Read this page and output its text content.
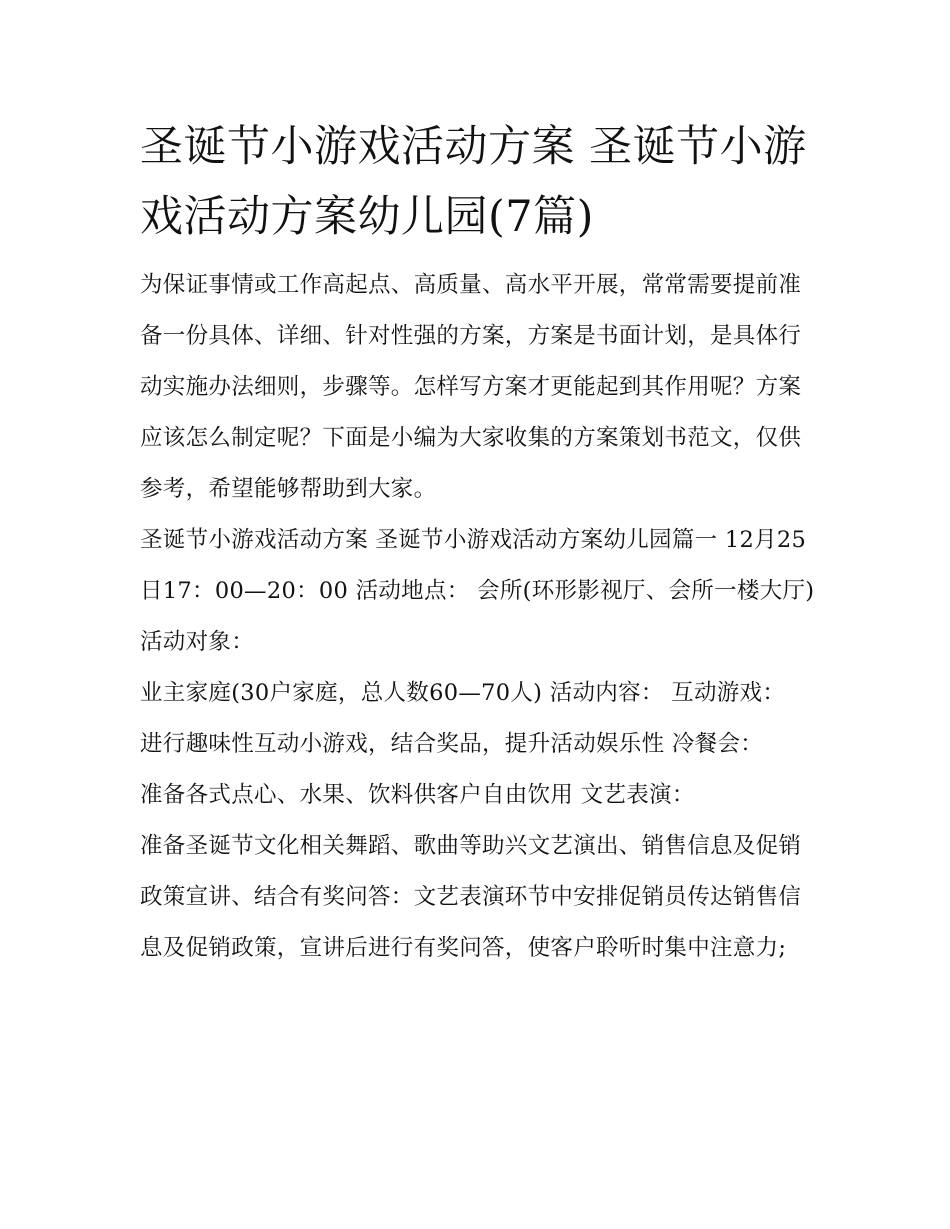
圣诞节小游戏活动方案 圣诞节小游戏活动方案幼儿园(7篇)

为保证事情或工作高起点、高质量、高水平开展，常常需要提前准备一份具体、详细、针对性强的方案，方案是书面计划，是具体行动实施办法细则，步骤等。怎样写方案才更能起到其作用呢？方案应该怎么制定呢？下面是小编为大家收集的方案策划书范文，仅供参考，希望能够帮助到大家。

圣诞节小游戏活动方案 圣诞节小游戏活动方案幼儿园篇一 12月25日17：00—20：00 活动地点： 会所(环形影视厅、会所一楼大厅) 活动对象：

业主家庭(30户家庭，总人数60—70人) 活动内容： 互动游戏： 进行趣味性互动小游戏，结合奖品，提升活动娱乐性 冷餐会：

准备各式点心、水果、饮料供客户自由饮用 文艺表演：

准备圣诞节文化相关舞蹈、歌曲等助兴文艺演出、销售信息及促销政策宣讲、结合有奖问答：文艺表演环节中安排促销员传达销售信息及促销政策，宣讲后进行有奖问答，使客户聆听时集中注意力;
